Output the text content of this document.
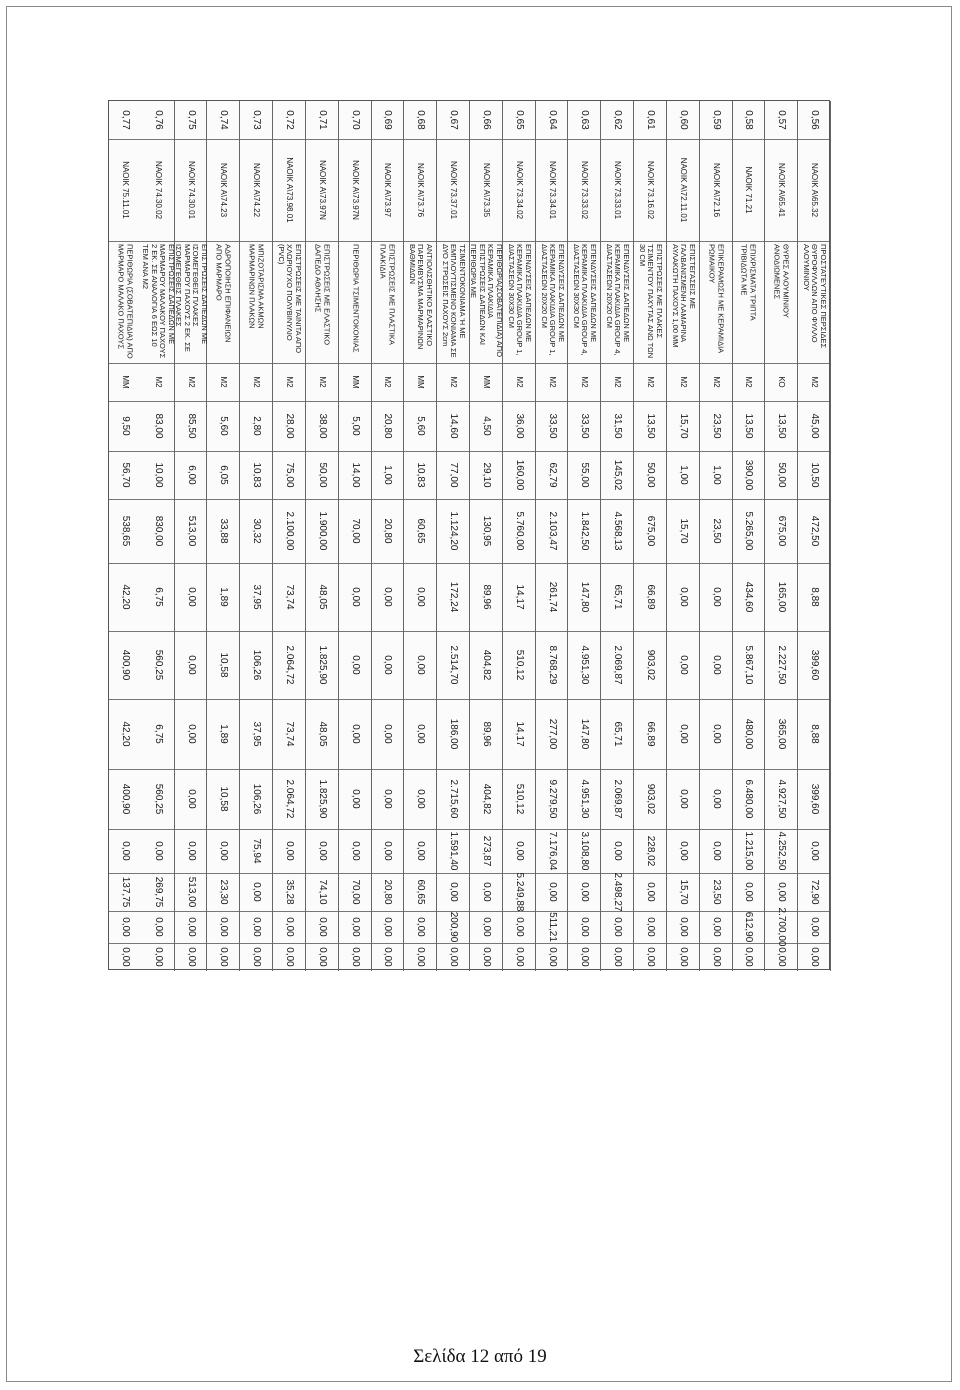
0,56
ΝΑΟΙΚ Α\65.32
ΠΡΟΣΤΑΤΕΥΤΙΚΕΣ ΠΕΡΣΙΔΕΣ ΘΥΡΟΦΥΛΛΩΝ ΑΠΟ ΦΥΛΛΟ ΑΛΟΥΜΙΝΙΟΥ
Μ2
45,00
10,50
472,50
8,88
399,60
8,88
399,60
0,00
72,90
0,00
0,00
0,57
ΝΑΟΙΚ Α\65.41
ΘΥΡΕΣ ΑΛΟΥΜΙΝΙΟΥ ΑΝΟΔΙΩΜΕΝΕΣ
ΚΟ
13,50
50,00
675,00
165,00
2.227,50
365,00
4.927,50
4.252,50
0,00
2.700,00
0,00
0,58
ΝΑΟΙΚ 71.21
ΕΠΙΧΡΙΣΜΑΤΑ ΤΡΙΠΤΑ ΤΡΙΒΙΔΩΤΑ ΜΕ
Μ2
13,50
390,00
5.265,00
434,60
5.867,10
480,00
6.480,00
1.215,00
0,00
612,90
0,00
0,59
ΝΑΟΙΚ Α\72.16
ΕΠΙΚΕΡΑΜΩΣΗ ΜΕ ΚΕΡΑΜΙΔΙΑ ΡΩΜΑΙΚΟΥ
Μ2
23,50
1,00
23,50
0,00
0,00
0,00
0,00
0,00
23,50
0,00
0,00
0,60
ΝΑΟΙΚ Α\72.11.01
ΕΠΙΣΤΕΓΑΣΕΙΣ ΜΕ ΓΑΛΒΑΝΙΣΜΕΝΗ ΛΑΜΑΡΙΝΑ ΑΥΛΑΚΩΤΗ ΠΑΧΟΥΣ 1,00 ΜΜ
Μ2
15,70
1,00
15,70
0,00
0,00
0,00
0,00
0,00
15,70
0,00
0,00
0,61
ΝΑΟΙΚ 73.16.02
ΕΠΙΣΤΡΩΣΕΙΣ ΜΕ ΠΛΑΚΕΣ ΤΣΙΜΕΝΤΟΥ ΠΑΧΥΤΑΣ ΑΝΩ ΤΩΝ 30 CM
Μ2
13,50
50,00
675,00
66,89
903,02
66,89
903,02
228,02
0,00
0,00
0,00
0,62
ΝΑΟΙΚ 73.33.01
ΕΠΕΝΔΥΣΕΙΣ ΔΑΠΕΔΩΝ ΜΕ ΚΕΡΑΜΙΚΑ ΠΛΑΚΙΔΙΑ GROUP 4, ΔΙΑΣΤΑΣΕΩΝ 20Χ20 CM
Μ2
31,50
145,02
4.568,13
65,71
2.069,87
65,71
2.069,87
0,00
2.498,27
0,00
0,00
0,63
ΝΑΟΙΚ 73.33.02
ΕΠΕΝΔΥΣΕΙΣ ΔΑΠΕΔΩΝ ΜΕ ΚΕΡΑΜΙΚΑ ΠΛΑΚΙΔΙΑ GROUP 4, ΔΙΑΣΤΑΣΕΩΝ 30Χ30 CM
Μ2
33,50
55,00
1.842,50
147,80
4.951,30
147,80
4.951,30
3.108,80
0,00
0,00
0,00
0,64
ΝΑΟΙΚ 73.34.01
ΕΠΕΝΔΥΣΕΙΣ ΔΑΠΕΔΩΝ ΜΕ ΚΕΡΑΜΙΚΑ ΠΛΑΚΙΔΙΑ GROUP 1, ΔΙΑΣΤΑΣΕΩΝ 20Χ20 CM
Μ2
33,50
62,79
2.103,47
261,74
8.768,29
277,00
9.279,50
7.176,04
0,00
511,21
0,00
0,65
ΝΑΟΙΚ 73.34.02
ΕΠΕΝΔΥΣΕΙΣ ΔΑΠΕΔΩΝ ΜΕ ΚΕΡΑΜΙΚΑ ΠΛΑΚΙΔΙΑ GROUP 1, ΔΙΑΣΤΑΣΕΩΝ 30Χ30 CM
Μ2
36,00
160,00
5.760,00
14,17
510,12
14,17
510,12
0,00
5.249,88
0,00
0,00
0,66
ΝΑΟΙΚ Α\73.35
ΠΕΡΙΘΩΡΙΑ(ΣΟΒΑΤΕΠΙΔΙΑ) ΑΠΟ ΚΕΡΑΜΙΚΑ ΠΛΑΚΙΔΙΑ ΕΠΙΣΤΡΩΣΕΙΣ ΔΑΠΕΔΩΝ ΚΑΙ ΠΕΡΙΘΩΡΙΑ ΜΕ
ΜΜ
4,50
29,10
130,95
89,96
404,82
89,96
404,82
273,87
0,00
0,00
0,00
0,67
ΝΑΟΙΚ 73.37.01
ΤΣΙΜΕΝΤΟΚΟΝΙΑΜΑ 'Η ΜΕ ΕΜΠΛΟΥΤΙΣΜΕΝΟ ΚΟΝΙΑΜΑ ΣΕ ΔΥΟ ΣΤΡΩΣΕΙΣ ΠΑΧΟΥΣ 2cm
Μ2
14,60
77,00
1.124,20
172,24
2.514,70
186,00
2.715,60
1.591,40
0,00
200,90
0,00
0,68
ΝΑΟΙΚ Α\73.76
ΑΝΤΙΟΛΙΣΘΗΤΙΚΟ ΕΛΑΣΤΙΚΟ ΠΑΡΕΜΒΥΣΜΑ ΜΑΡΜΑΡΙΝΩΝ ΒΑΘΜΙΔΩΝ
ΜΜ
5,60
10,83
60,65
0,00
0,00
0,00
0,00
0,00
60,65
0,00
0,00
0,69
ΝΑΟΙΚ Α\73.97
ΕΠΙΣΤΡΩΣΕΙΣ ΜΕ ΠΛΑΣΤΙΚΑ ΠΛΑΚΙΔΙΑ
Μ2
20,80
1,00
20,80
0,00
0,00
0,00
0,00
0,00
20,80
0,00
0,00
0,70
ΝΑΟΙΚ Α\73.97Ν
ΠΕΡΙΘΩΡΙΑ ΤΣΙΜΕΝΤΟΚΟΝΙΑΣ
ΜΜ
5,00
14,00
70,00
0,00
0,00
0,00
0,00
0,00
70,00
0,00
0,00
0,71
ΝΑΟΙΚ Α\73.97Ν
ΕΠΙΣΤΡΩΣΕΙΣ ΜΕ ΕΛΑΣΤΙΚΟ ΔΑΠΕΔΟ ΑΘΛΗΣΗΣ
Μ2
38,00
50,00
1.900,00
48,05
1.825,90
48,05
1.825,90
0,00
74,10
0,00
0,00
0,72
ΝΑΟΙΚ Α\73.98.01
ΕΠΙΣΤΡΩΣΕΙΣ ΜΕ ΤΑΙΝΙΤΑ ΑΠΟ ΧΛΩΡΙΟΥΧΟ ΠΟΛΥΒΙΝΥΛΙΟ (PVC)
Μ2
28,00
75,00
2.100,00
73,74
2.064,72
73,74
2.064,72
0,00
35,28
0,00
0,00
0,73
ΝΑΟΙΚ Α\74.22
ΜΠΙΖΟΤΑΡΙΣΜΑ ΑΚΜΩΝ ΜΑΡΜΑΡΙΝΩΝ ΠΛΑΚΩΝ
Μ2
2,80
10,83
30,32
37,95
106,26
37,95
106,26
75,94
0,00
0,00
0,00
0,74
ΝΑΟΙΚ Α\74.23
ΑΔΡΟΠΟΙΗΣΗ ΕΠΙΦΑΝΕΙΩΝ ΑΠΟ ΜΑΡΜΑΡΟ
Μ2
5,60
6,05
33,88
1,89
10,58
1,89
10,58
0,00
23,30
0,00
0,00
0,75
ΝΑΟΙΚ 74.30.01
ΕΠΙΣΤΡΩΣΕΙΣ ΔΑΠΕΔΩΝ ΜΕ ΙΣΟΜΕΓΕΘΕΙΣ ΠΛΑΚΕΣ ΜΑΡΜΑΡΟΥ ΠΑΧΟΥΣ 2 ΕΚ. ΣΕ ΙΣΟΜΕΓΕΘΕΙΣ ΠΛΑΚΕΣ
Μ2
85,50
6,00
513,00
0,00
0,00
0,00
0,00
0,00
513,00
0,00
0,00
0,76
ΝΑΟΙΚ 74.30.02
ΕΠΙΣΤΡΩΣΕΙΣ ΔΑΠΕΔΩΝ ΜΕ ΜΑΡΜΑΡΟΥ ΜΑΛΑΚΟΥ ΠΑΧΟΥΣ 2 ΕΚ. ΣΕ ΑΝΑΛΟΓΙΑ 6 ΕΩΣ 10 ΤΕΜ ΑΝΑ Μ2
Μ2
83,00
10,00
830,00
6,75
560,25
6,75
560,25
0,00
269,75
0,00
0,00
0,77
ΝΑΟΙΚ 75.11.01
ΠΕΡΙΘΩΡΙΑ (ΣΟΒΑΤΕΠΙΔΙΑ) ΑΠΟ ΜΑΡΜΑΡΟ ΜΑΛΑΚΟ ΠΑΧΟΥΣ
ΜΜ
9,50
56,70
538,65
42,20
400,90
42,20
400,90
0,00
137,75
0,00
0,00
Σελίδα 12 από 19
